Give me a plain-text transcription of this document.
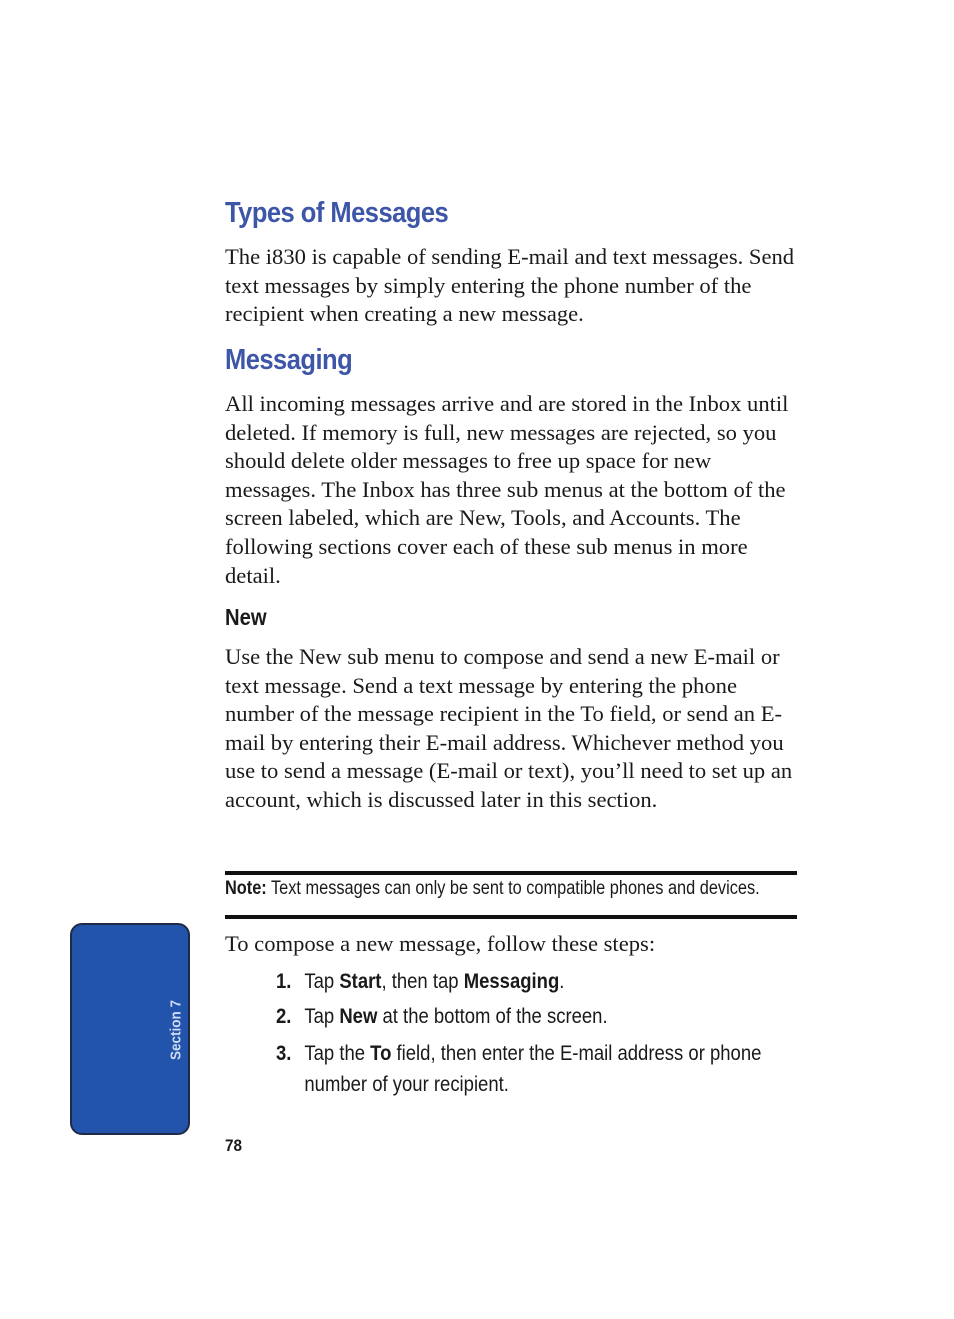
Types of Messages

The i830 is capable of sending E-mail and text messages. Send text messages by simply entering the phone number of the recipient when creating a new message.

Messaging

All incoming messages arrive and are stored in the Inbox until deleted. If memory is full, new messages are rejected, so you should delete older messages to free up space for new messages. The Inbox has three sub menus at the bottom of the screen labeled, which are New, Tools, and Accounts. The following sections cover each of these sub menus in more detail.

New

Use the New sub menu to compose and send a new E-mail or text message. Send a text message by entering the phone number of the message recipient in the To field, or send an E-mail by entering their E-mail address. Whichever method you use to send a message (E-mail or text), you’ll need to set up an account, which is discussed later in this section.

Note: Text messages can only be sent to compatible phones and devices.

To compose a new message, follow these steps:

1. Tap Start, then tap Messaging.
2. Tap New at the bottom of the screen.
3. Tap the To field, then enter the E-mail address or phone number of your recipient.
Section 7
78
